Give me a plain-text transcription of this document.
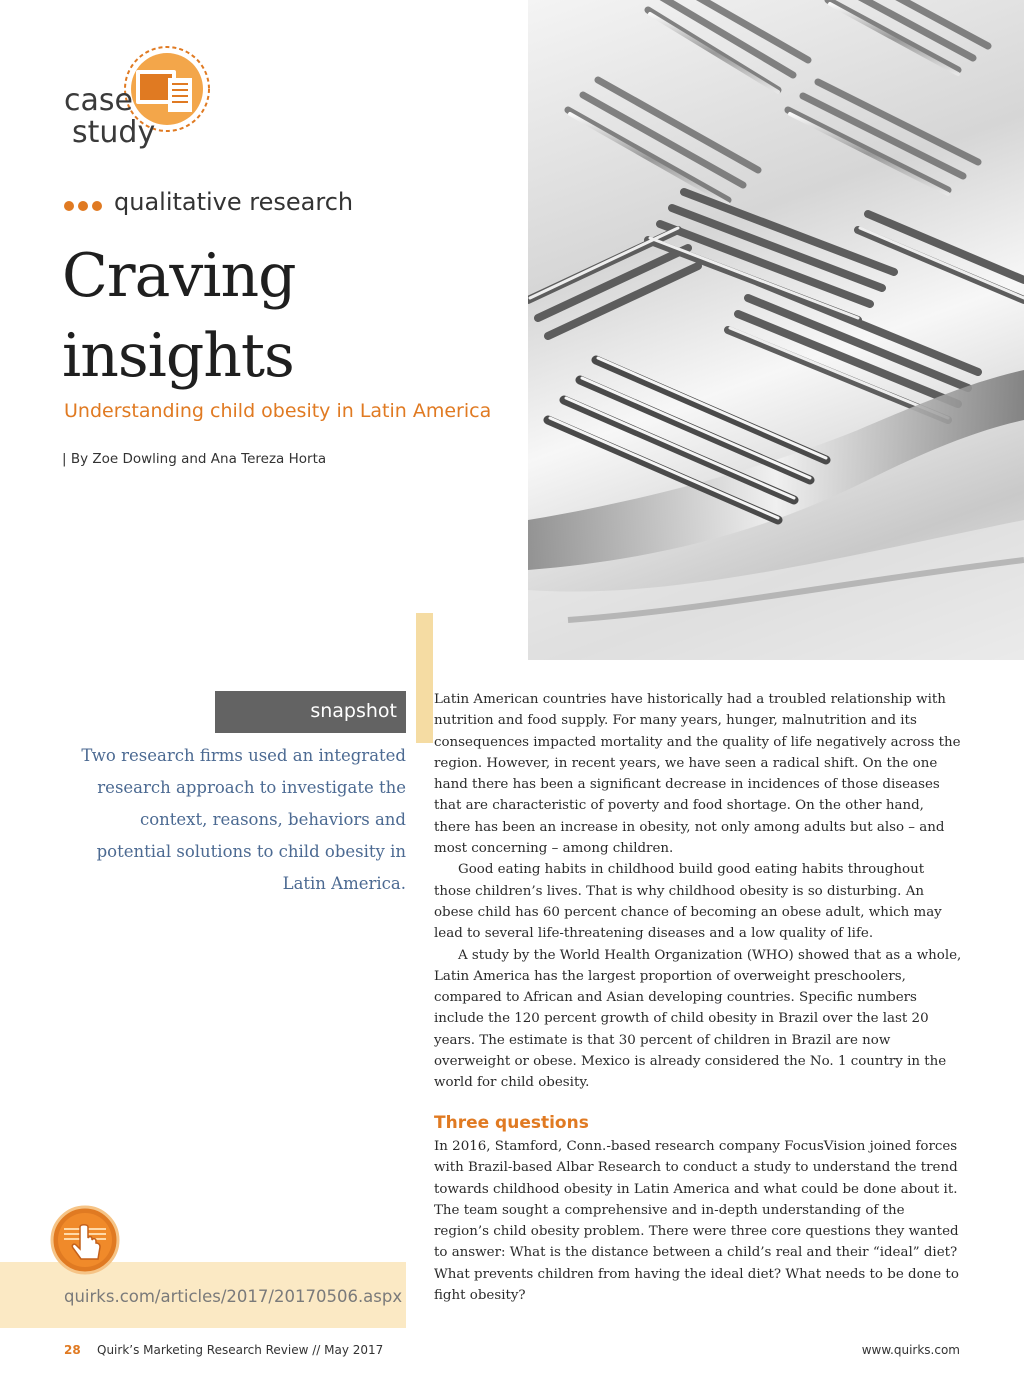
case
study
qualitative research
Craving
insights
Understanding child obesity in Latin America
| By Zoe Dowling and Ana Tereza Horta
snapshot
Two research firms used an integrated research approach to investigate the context, reasons, behaviors and potential solutions to child obesity in Latin America.

Latin American countries have historically had a troubled relationship with nutrition and food supply. For many years, hunger, malnutrition and its consequences impacted mortality and the quality of life negatively across the region. However, in recent years, we have seen a radical shift. On the one hand there has been a significant decrease in incidences of those diseases that are characteristic of poverty and food shortage. On the other hand, there has been an increase in obesity, not only among adults but also – and most concerning – among children.

Good eating habits in childhood build good eating habits throughout those children’s lives. That is why childhood obesity is so disturbing. An obese child has 60 percent chance of becoming an obese adult, which may lead to several life-threatening diseases and a low quality of life.

A study by the World Health Organization (WHO) showed that as a whole, Latin America has the largest proportion of overweight preschoolers, compared to African and Asian developing countries. Specific numbers include the 120 percent growth of child obesity in Brazil over the last 20 years. The estimate is that 30 percent of children in Brazil are now overweight or obese. Mexico is already considered the No. 1 country in the world for child obesity.

Three questions

In 2016, Stamford, Conn.-based research company FocusVision joined forces with Brazil-based Albar Research to conduct a study to understand the trend towards childhood obesity in Latin America and what could be done about it. The team sought a comprehensive and in-depth understanding of the region’s child obesity problem. There were three core questions they wanted to answer: What is the distance between a child’s real and their “ideal” diet? What prevents children from having the ideal diet? What needs to be done to fight obesity?

quirks.com/articles/2017/20170506.aspx
28 Quirk’s Marketing Research Review // May 2017	www.quirks.com
